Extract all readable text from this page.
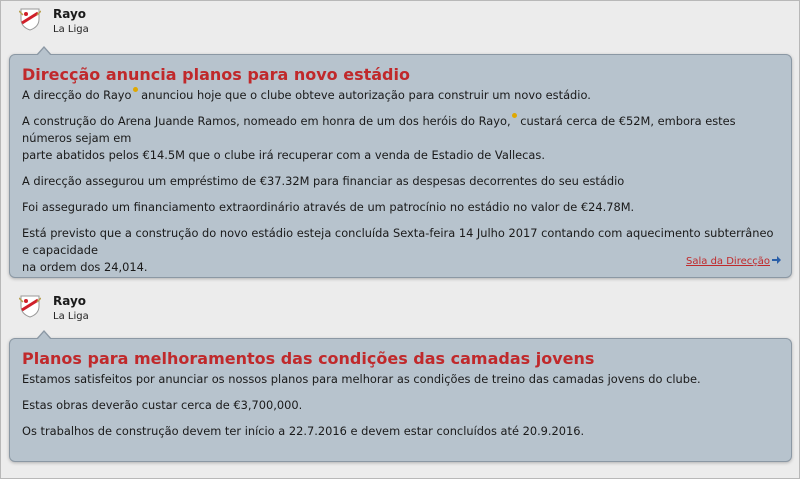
Rayo
La Liga
Direcção anuncia planos para novo estádio
A direcção do Rayo anunciou hoje que o clube obteve autorização para construir um novo estádio.
A construção do Arena Juande Ramos, nomeado em honra de um dos heróis do Rayo, custará cerca de €52M, embora estes números sejam em
parte abatidos pelos €14.5M que o clube irá recuperar com a venda de Estadio de Vallecas.
A direcção assegurou um empréstimo de €37.32M para financiar as despesas decorrentes do seu estádio
Foi assegurado um financiamento extraordinário através de um patrocínio no estádio no valor de €24.78M.
Está previsto que a construção do novo estádio esteja concluída Sexta-feira 14 Julho 2017 contando com aquecimento subterrâneo e capacidade
na ordem dos 24,014.	Sala da Direcção
Rayo
La Liga
Planos para melhoramentos das condições das camadas jovens
Estamos satisfeitos por anunciar os nossos planos para melhorar as condições de treino das camadas jovens do clube.
Estas obras deverão custar cerca de €3,700,000.
Os trabalhos de construção devem ter início a 22.7.2016 e devem estar concluídos até 20.9.2016.
